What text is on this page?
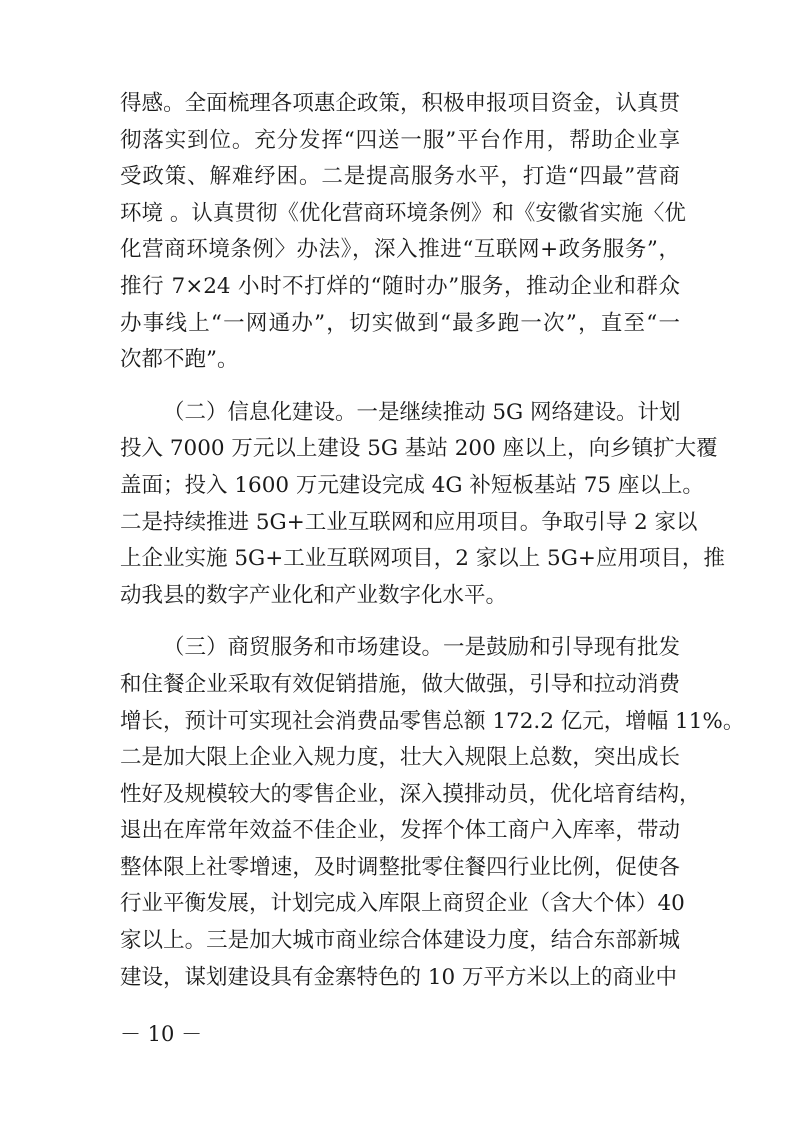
得感。全面梳理各项惠企政策，积极申报项目资金，认真贯
彻落实到位。充分发挥“四送一服”平台作用，帮助企业享
受政策、解难纾困。二是提高服务水平，打造“四最”营商
环境 。认真贯彻《优化营商环境条例》和《安徽省实施〈优
化营商环境条例〉办法》，深入推进“互联网+政务服务”，
推行 7×24 小时不打烊的“随时办”服务，推动企业和群众
办事线上“一网通办”，切实做到“最多跑一次”，直至“一
次都不跑”。
（二）信息化建设。一是继续推动 5G 网络建设。计划
投入 7000 万元以上建设 5G 基站 200 座以上，向乡镇扩大覆
盖面；投入 1600 万元建设完成 4G 补短板基站 75 座以上。
二是持续推进 5G+工业互联网和应用项目。争取引导 2 家以
上企业实施 5G+工业互联网项目，2 家以上 5G+应用项目，推
动我县的数字产业化和产业数字化水平。
（三）商贸服务和市场建设。一是鼓励和引导现有批发
和住餐企业采取有效促销措施，做大做强，引导和拉动消费
增长，预计可实现社会消费品零售总额 172.2 亿元，增幅 11%。
二是加大限上企业入规力度，壮大入规限上总数，突出成长
性好及规模较大的零售企业，深入摸排动员，优化培育结构，
退出在库常年效益不佳企业，发挥个体工商户入库率，带动
整体限上社零增速，及时调整批零住餐四行业比例，促使各
行业平衡发展，计划完成入库限上商贸企业（含大个体）40
家以上。三是加大城市商业综合体建设力度，结合东部新城
建设，谋划建设具有金寨特色的 10 万平方米以上的商业中
－ 10 －
